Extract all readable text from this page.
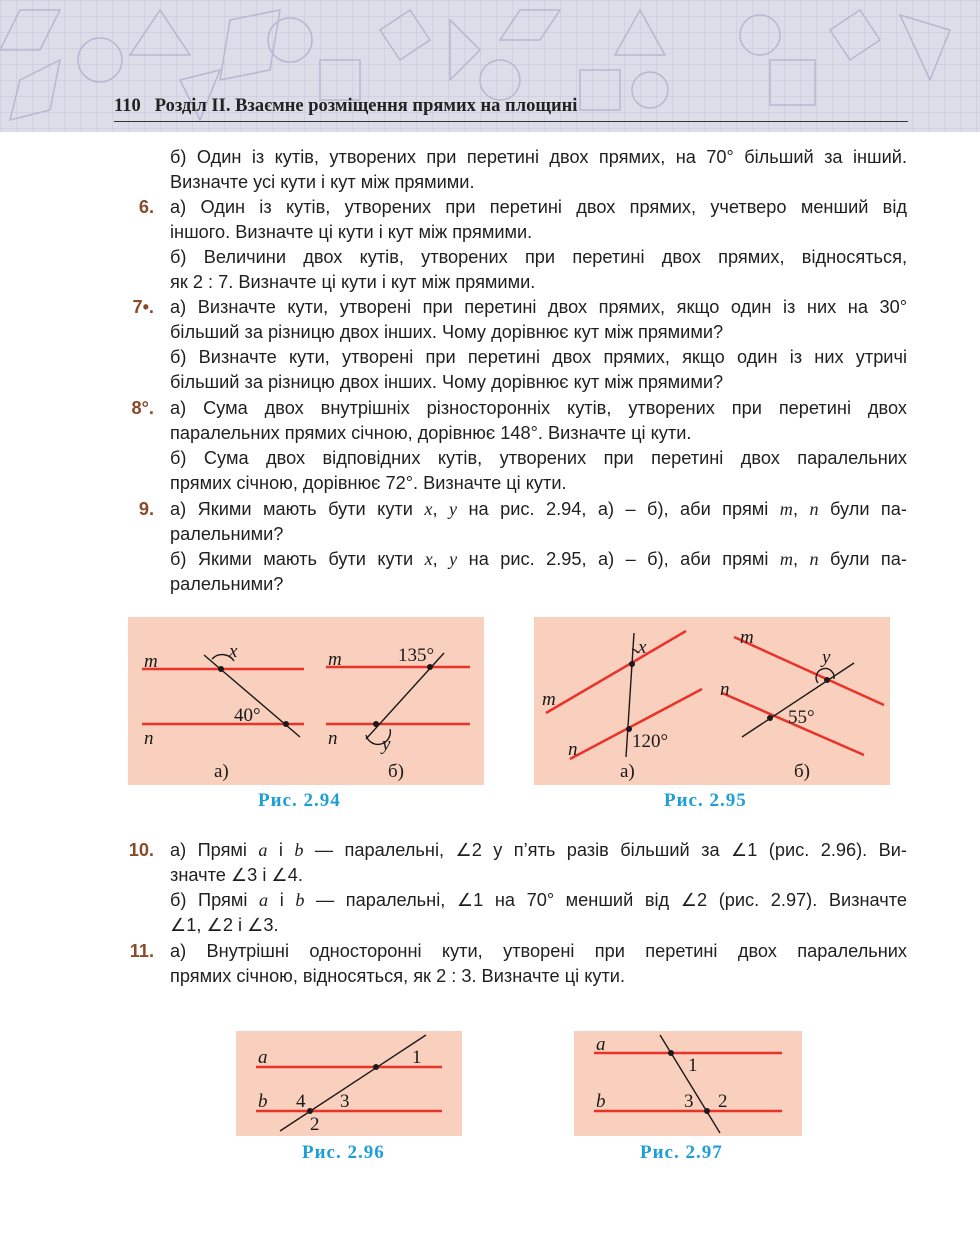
110 Розділ ІІ. Взаємне розміщення прямих на площині
б) Один із кутів, утворених при перетині двох прямих, на 70° більший за інший.
Визначте усі кути і кут між прямими.
6. а) Один із кутів, утворених при перетині двох прямих, учетверо менший від
іншого. Визначте ці кути і кут між прямими.
б) Величини двох кутів, утворених при перетині двох прямих, відносяться,
як 2 : 7. Визначте ці кути і кут між прямими.
7•. а) Визначте кути, утворені при перетині двох прямих, якщо один із них на 30°
більший за різницю двох інших. Чому дорівнює кут між прямими?
б) Визначте кути, утворені при перетині двох прямих, якщо один із них утричі
більший за різницю двох інших. Чому дорівнює кут між прямими?
8°. а) Сума двох внутрішніх різносторонніх кутів, утворених при перетині двох
паралельних прямих січною, дорівнює 148°. Визначте ці кути.
б) Сума двох відповідних кутів, утворених при перетині двох паралельних
прямих січною, дорівнює 72°. Визначте ці кути.
9. а) Якими мають бути кути x, y на рис. 2.94, а) – б), аби прямі m, n були па-
ралельними?
б) Якими мають бути кути x, y на рис. 2.95, а) – б), аби прямі m, n були па-
ралельними?
m
n
x
40°
а)
m
n y
135°
б)
Рис. 2.94
m
n
x
120°
а)
m
n
y
55°
б)
Рис. 2.95
10. а) Прямі a і b — паралельні, ∠2 у п’ять разів більший за ∠1 (рис. 2.96). Ви-
значте ∠3 і ∠4.
б) Прямі a і b — паралельні, ∠1 на 70° менший від ∠2 (рис. 2.97). Визначте
∠1, ∠2 і ∠3.
11. а) Внутрішні односторонні кути, утворені при перетині двох паралельних
прямих січною, відносяться, як 2 : 3. Визначте ці кути.
a
b
1
2
3
4
Рис. 2.96
a
b
1
2
3
Рис. 2.97
